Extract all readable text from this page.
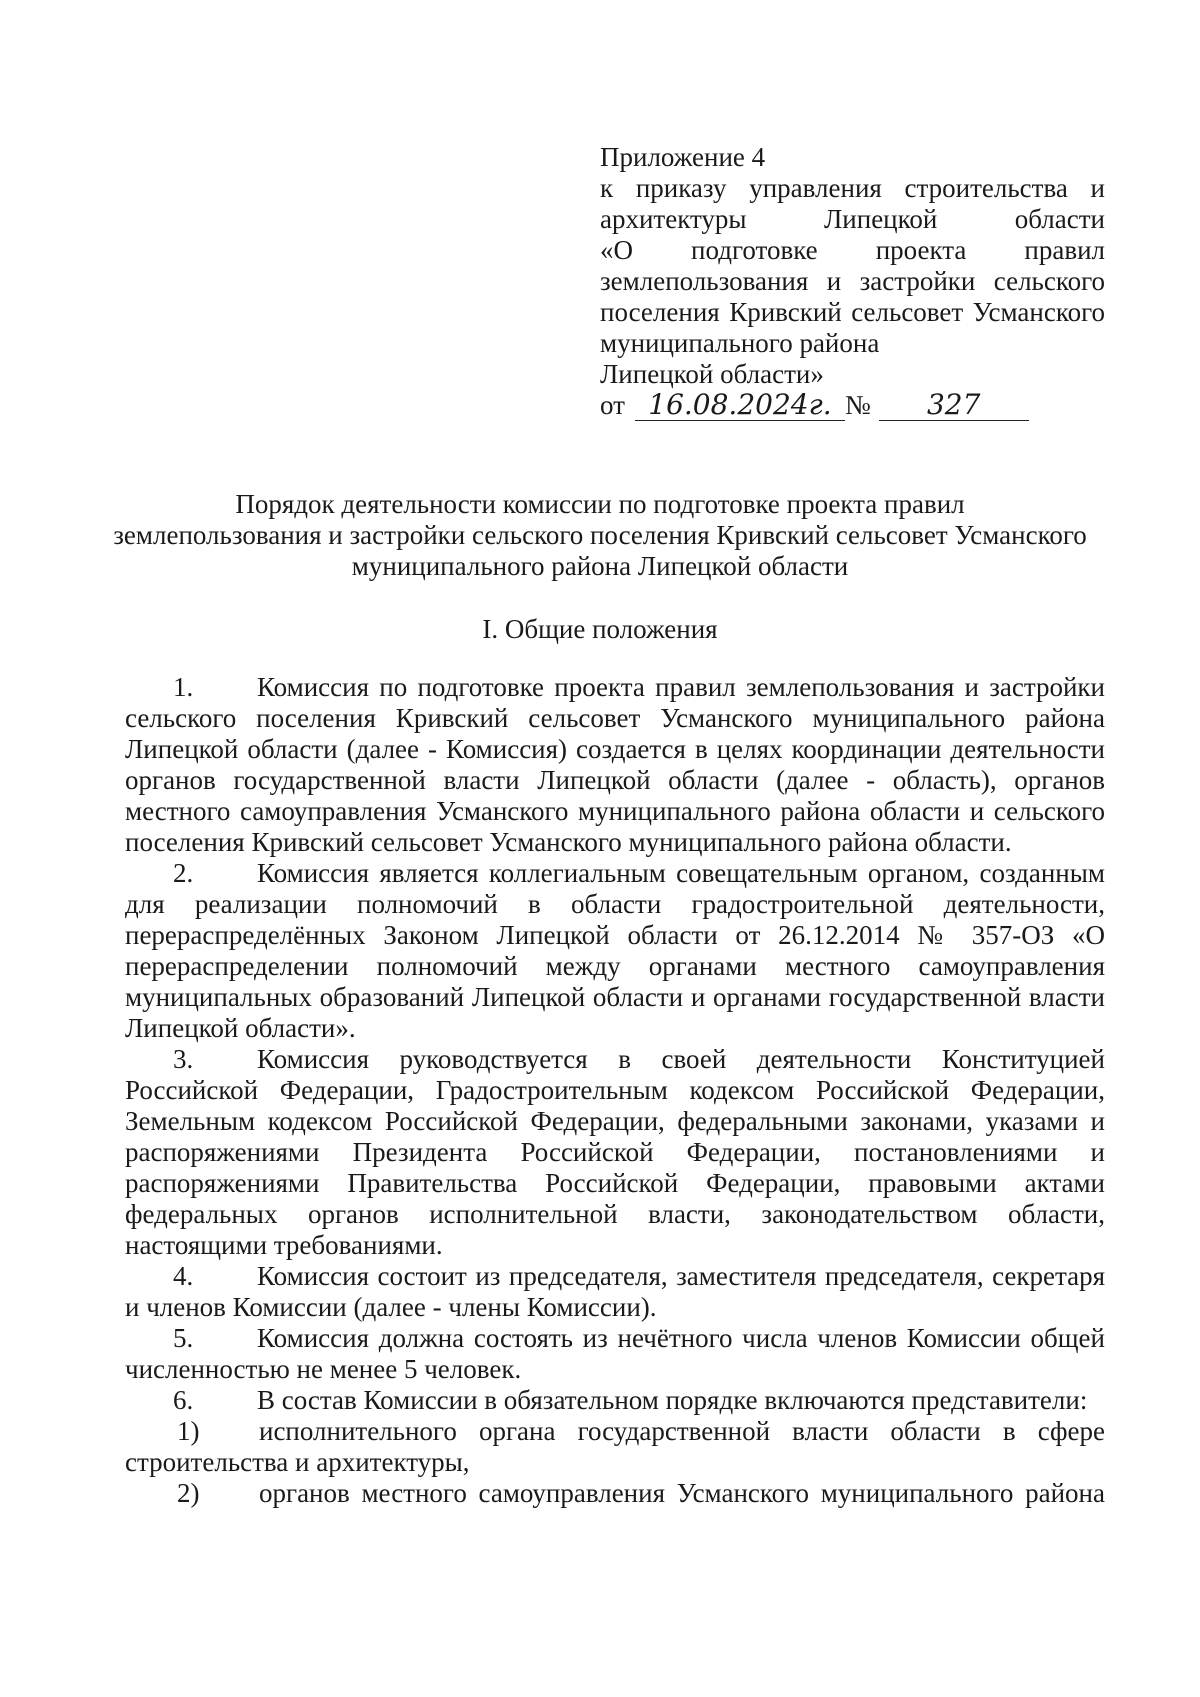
Приложение 4
к приказу управления строительства и
архитектуры Липецкой области
«О подготовке проекта правил
землепользования и застройки сельского
поселения Кривский сельсовет Усманского
муниципального района
Липецкой области»
от 16.08.2024г. №	327
Порядок деятельности комиссии по подготовке проекта правил
землепользования и застройки сельского поселения Кривский сельсовет Усманского
муниципального района Липецкой области
I. Общие положения

1. Комиссия по подготовке проекта правил землепользования и застройки сельского поселения Кривский сельсовет Усманского муниципального района Липецкой области (далее - Комиссия) создается в целях координации деятельности органов государственной власти Липецкой области (далее - область), органов местного самоуправления Усманского муниципального района области и сельского поселения Кривский сельсовет Усманского муниципального района области.

2. Комиссия является коллегиальным совещательным органом, созданным для реализации полномочий в области градостроительной деятельности, перераспределённых Законом Липецкой области от 26.12.2014 № 357-ОЗ «О перераспределении полномочий между органами местного самоуправления муниципальных образований Липецкой области и органами государственной власти Липецкой области».

3. Комиссия руководствуется в своей деятельности Конституцией Российской Федерации, Градостроительным кодексом Российской Федерации, Земельным кодексом Российской Федерации, федеральными законами, указами и распоряжениями Президента Российской Федерации, постановлениями и распоряжениями Правительства Российской Федерации, правовыми актами федеральных органов исполнительной власти, законодательством области, настоящими требованиями.

4. Комиссия состоит из председателя, заместителя председателя, секретаря и членов Комиссии (далее - члены Комиссии).

5. Комиссия должна состоять из нечётного числа членов Комиссии общей численностью не менее 5 человек.

6. В состав Комиссии в обязательном порядке включаются представители:

1) исполнительного органа государственной власти области в сфере строительства и архитектуры,

2) органов местного самоуправления Усманского муниципального района
